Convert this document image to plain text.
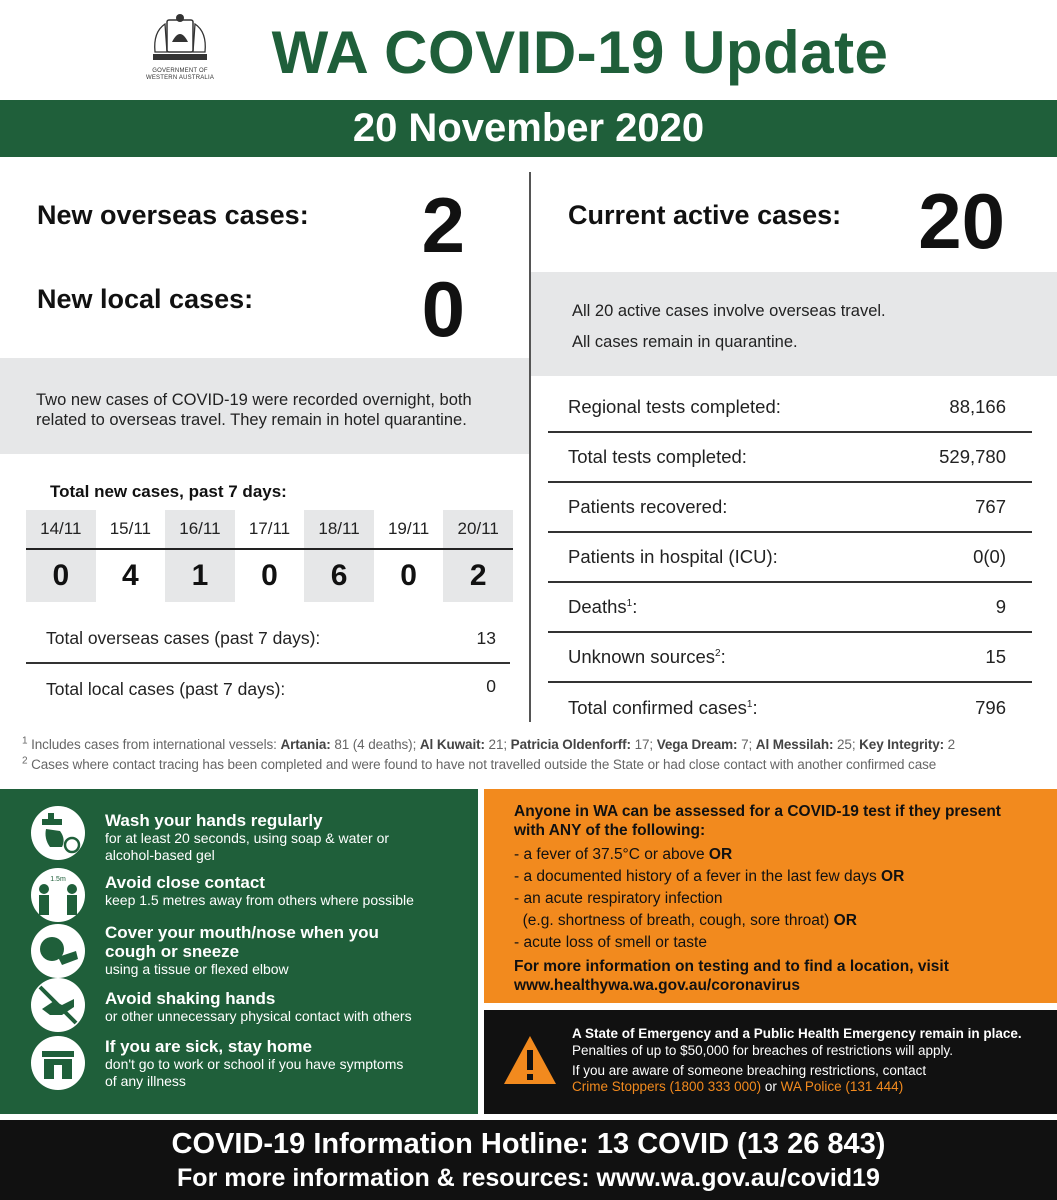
GOVERNMENT OF
WESTERN AUSTRALIA WA COVID-19 Update
20 November 2020
New overseas cases:	2
New local cases:	0
Two new cases of COVID-19 were recorded overnight, both related to overseas travel. They remain in hotel quarantine.
Total new cases, past 7 days:
14/11	15/11	16/11	17/11	18/11	19/11	20/11
0	4	1	0	6	0	2
Total overseas cases (past 7 days):	13
Total local cases (past 7 days):	0
Current active cases: 20
All 20 active cases involve overseas travel.
All cases remain in quarantine.
Regional tests completed:	88,166
Total tests completed:	529,780
Patients recovered:	767
Patients in hospital (ICU):	0(0)
Deaths$^1$:	9
Unknown sources$^2$:	15
Total confirmed cases$^1$:	796
$^1$ Includes cases from international vessels: Artania: 81 (4 deaths); Al Kuwait: 21; Patricia Oldenforff: 17; Vega Dream: 7; Al Messilah: 25; Key Integrity: 2
$^2$ Cases where contact tracing has been completed and were found to have not travelled outside the State or had close contact with another confirmed case
Wash your hands regularly
for at least 20 seconds, using soap & water or
alcohol-based gel
1.5m Avoid close contact
keep 1.5 metres away from others where possible
Cover your mouth/nose when you
cough or sneeze
using a tissue or flexed elbow
Avoid shaking hands
or other unnecessary physical contact with others
If you are sick, stay home
don't go to work or school if you have symptoms
of any illness
Anyone in WA can be assessed for a COVID-19 test if they present
with ANY of the following:
- a fever of 37.5°C or above OR
- a documented history of a fever in the last few days OR
- an acute respiratory infection
(e.g. shortness of breath, cough, sore throat) OR
- acute loss of smell or taste
For more information on testing and to find a location, visit
www.healthywa.wa.gov.au/coronavirus
A State of Emergency and a Public Health Emergency remain in place.
Penalties of up to $50,000 for breaches of restrictions will apply.
If you are aware of someone breaching restrictions, contact
Crime Stoppers (1800 333 000) or WA Police (131 444)
COVID-19 Information Hotline: 13 COVID (13 26 843)
For more information & resources: www.wa.gov.au/covid19
